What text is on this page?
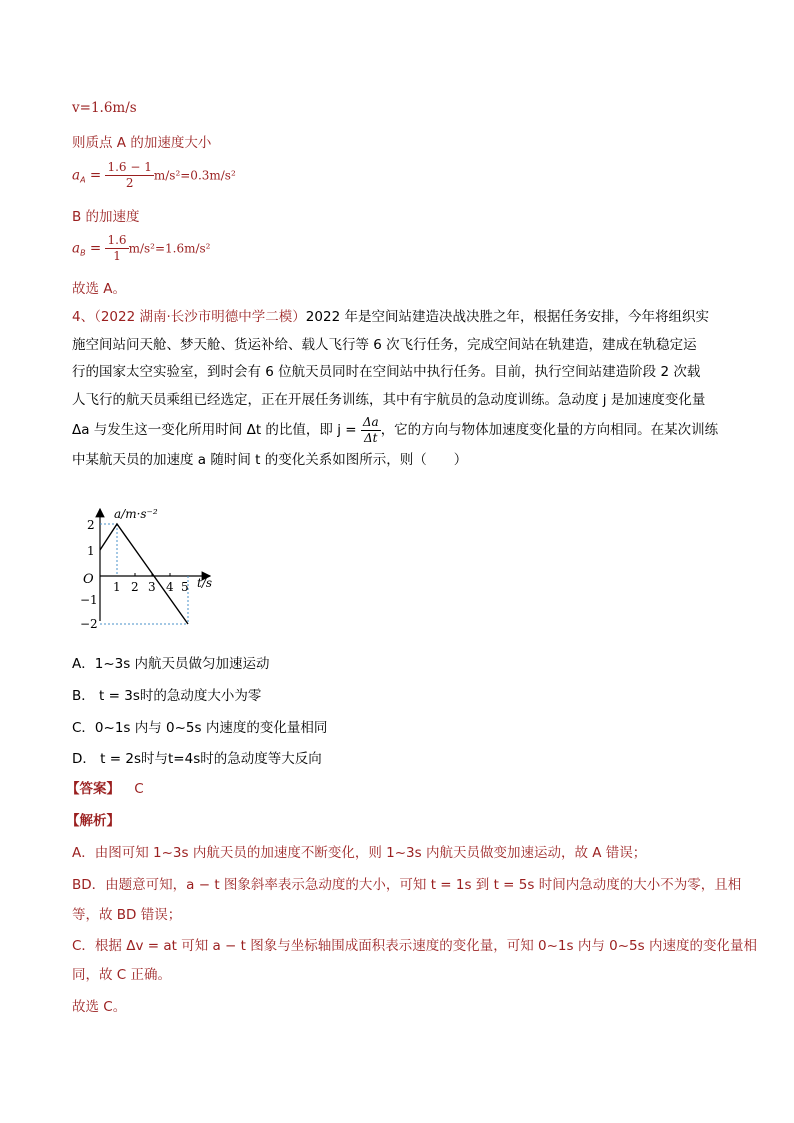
v=1.6m/s
则质点 A 的加速度大小
$a_A = \frac{1.6 - 1}{2} m/s^2=0.3m/s^2$
B 的加速度
$a_B = \frac{1.6}{1} m/s^2=1.6m/s^2$
故选 A。
4、（2022 湖南·长沙市明德中学二模）2022 年是空间站建造决战决胜之年，根据任务安排，今年将组织实
施空间站问天舱、梦天舱、货运补给、载人飞行等 6 次飞行任务，完成空间站在轨建造，建成在轨稳定运
行的国家太空实验室，到时会有 6 位航天员同时在空间站中执行任务。目前，执行空间站建造阶段 2 次载
人飞行的航天员乘组已经选定，正在开展任务训练，其中有宇航员的急动度训练。急动度 j 是加速度变化量
Δa 与发生这一变化所用时间 Δt 的比值，即 $j = \frac{\Delta a}{\Delta t}$ ，它的方向与物体加速度变化量的方向相同。在某次训练
中某航天员的加速度 a 随时间 t 的变化关系如图所示，则（　　）
a/m·s⁻²
t/s
O
2
1
−1
−2
1 2 3 4 5
A．1~3s 内航天员做匀加速运动
B． t = 3s时的急动度大小为零
C．0~1s 内与 0~5s 内速度的变化量相同
D． t = 2s时与t=4s时的急动度等大反向
【答案】 C
【解析】
A．由图可知 1~3s 内航天员的加速度不断变化，则 1~3s 内航天员做变加速运动，故 A 错误；
BD．由题意可知，a − t 图象斜率表示急动度的大小，可知 t = 1s 到 t = 5s 时间内急动度的大小不为零，且相
等，故 BD 错误；
C．根据 Δv = at 可知 a − t 图象与坐标轴围成面积表示速度的变化量，可知 0~1s 内与 0~5s 内速度的变化量相
同，故 C 正确。
故选 C。
